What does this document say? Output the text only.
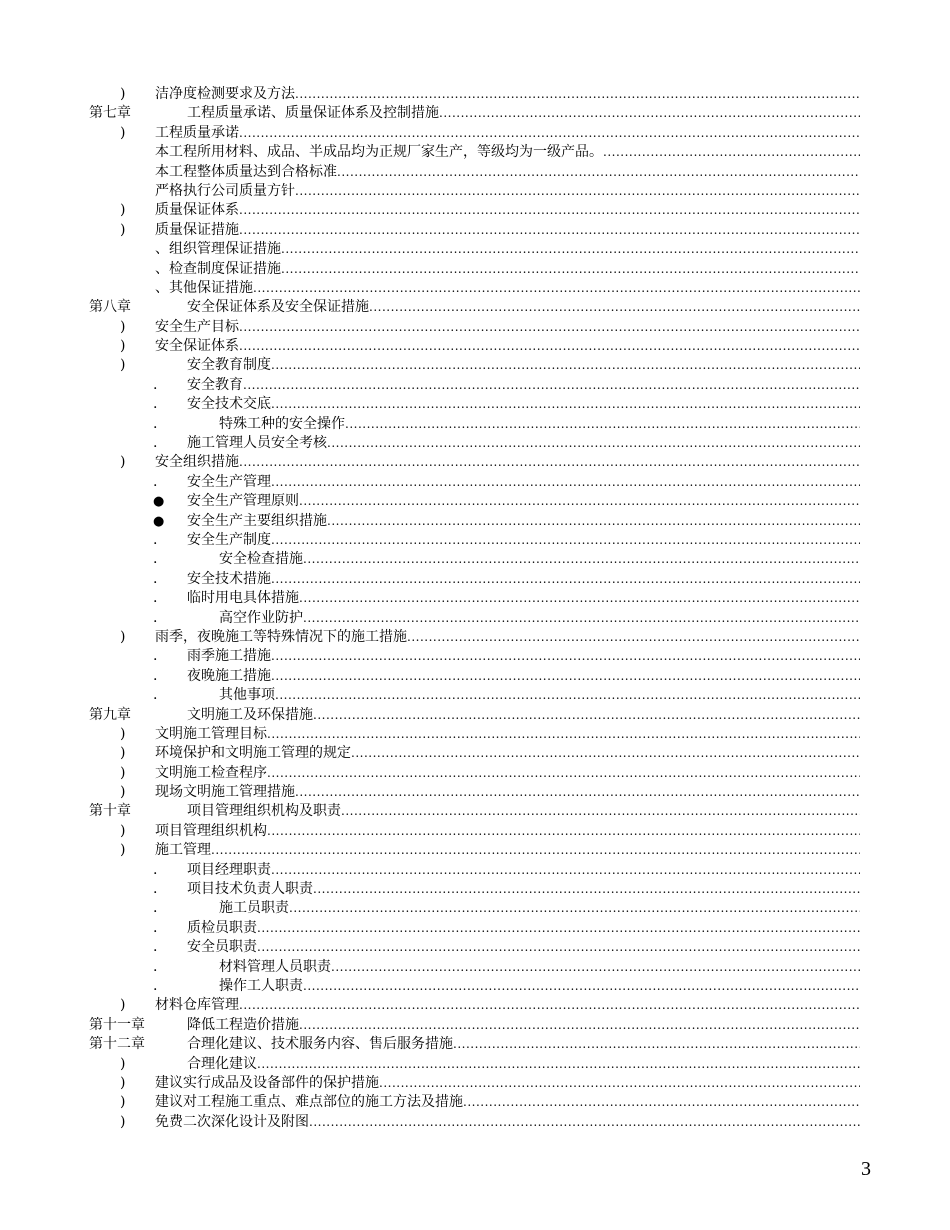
) 洁净度检测要求及方法
.....
第七章	工程质量承诺、质量保证体系及控制措施
.....
) 工程质量承诺
.....
本工程所用材料、成品、半成品均为正规厂家生产，等级均为一级产品。
.....
本工程整体质量达到合格标准
.....
严格执行公司质量方针
.....
) 质量保证体系
.....
) 质量保证措施
.....
、组织管理保证措施
.....
、检查制度保证措施
.....
、其他保证措施
.....
第八章	安全保证体系及安全保证措施
.....
) 安全生产目标
.....
) 安全保证体系
.....
)	安全教育制度
.....
. 安全教育
.....
. 安全技术交底
.....
.	特殊工种的安全操作
.....
. 施工管理人员安全考核
.....
) 安全组织措施
.....
. 安全生产管理
.....
● 安全生产管理原则
.....
● 安全生产主要组织措施
.....
. 安全生产制度
.....
.	安全检查措施
.....
. 安全技术措施
.....
. 临时用电具体措施
.....
.	高空作业防护
.....
) 雨季，夜晚施工等特殊情况下的施工措施
.....
. 雨季施工措施
.....
. 夜晚施工措施
.....
.	其他事项
.....
第九章	文明施工及环保措施
.....
) 文明施工管理目标
.....
) 环境保护和文明施工管理的规定
.....
) 文明施工检查程序
.....
) 现场文明施工管理措施
.....
第十章	项目管理组织机构及职责
.....
) 项目管理组织机构
.....
) 施工管理
.....
. 项目经理职责
.....
. 项目技术负责人职责
.....
.	施工员职责
.....
. 质检员职责
.....
. 安全员职责
.....
.	材料管理人员职责
.....
.	操作工人职责
.....
) 材料仓库管理
.....
第十一章	降低工程造价措施
.....
第十二章	合理化建议、技术服务内容、售后服务措施
.....
)	合理化建议
.....
) 建议实行成品及设备部件的保护措施
.....
) 建议对工程施工重点、难点部位的施工方法及措施
.....
) 免费二次深化设计及附图
.....
3
